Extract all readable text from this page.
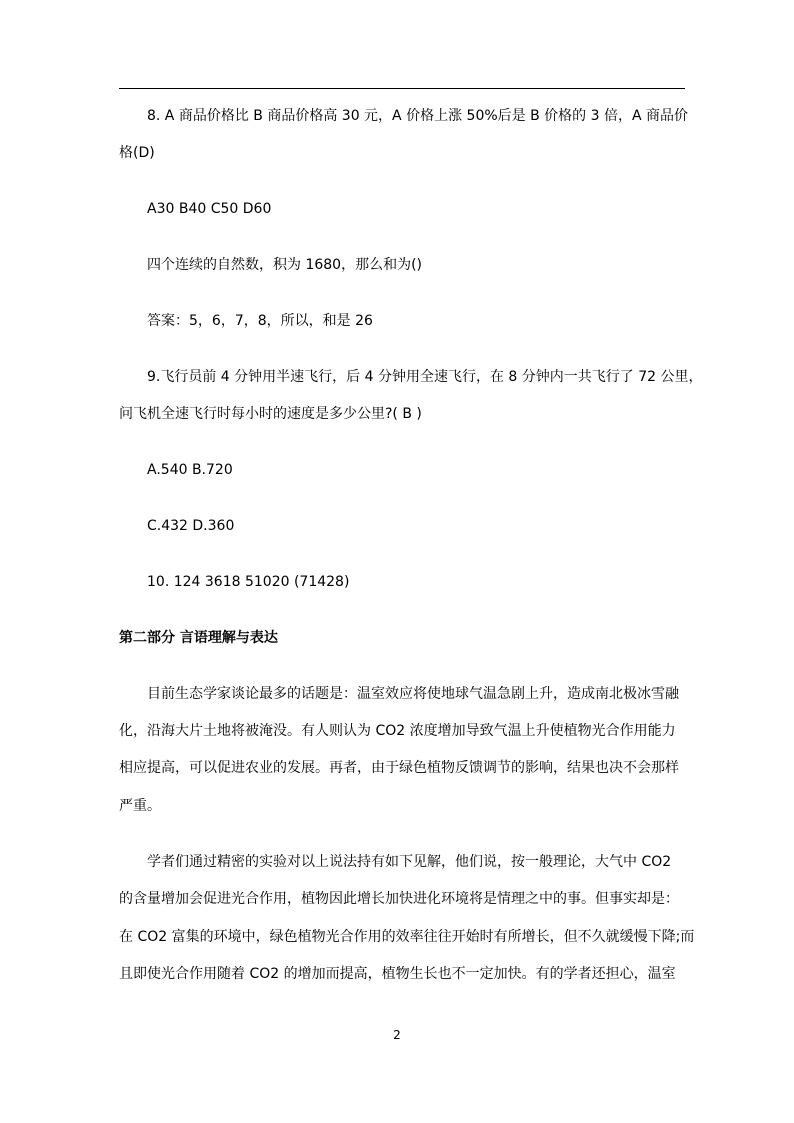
8. A 商品价格比 B 商品价格高 30 元，A 价格上涨 50%后是 B 价格的 3 倍，A 商品价
格(D)
A30 B40 C50 D60
四个连续的自然数，积为 1680，那么和为()
答案：5，6，7，8，所以，和是 26
9.飞行员前 4 分钟用半速飞行，后 4 分钟用全速飞行，在 8 分钟内一共飞行了 72 公里，
问飞机全速飞行时每小时的速度是多少公里?( B )
A.540 B.720
C.432 D.360
10. 124 3618 51020 (71428)
第二部分 言语理解与表达
目前生态学家谈论最多的话题是：温室效应将使地球气温急剧上升，造成南北极冰雪融
化，沿海大片土地将被淹没。有人则认为 CO2 浓度增加导致气温上升使植物光合作用能力
相应提高，可以促进农业的发展。再者，由于绿色植物反馈调节的影响，结果也决不会那样
严重。
学者们通过精密的实验对以上说法持有如下见解，他们说，按一般理论，大气中 CO2
的含量增加会促进光合作用，植物因此增长加快进化环境将是情理之中的事。但事实却是：
在 CO2 富集的环境中，绿色植物光合作用的效率往往开始时有所增长，但不久就缓慢下降;而
且即使光合作用随着 CO2 的增加而提高，植物生长也不一定加快。有的学者还担心，温室
2
